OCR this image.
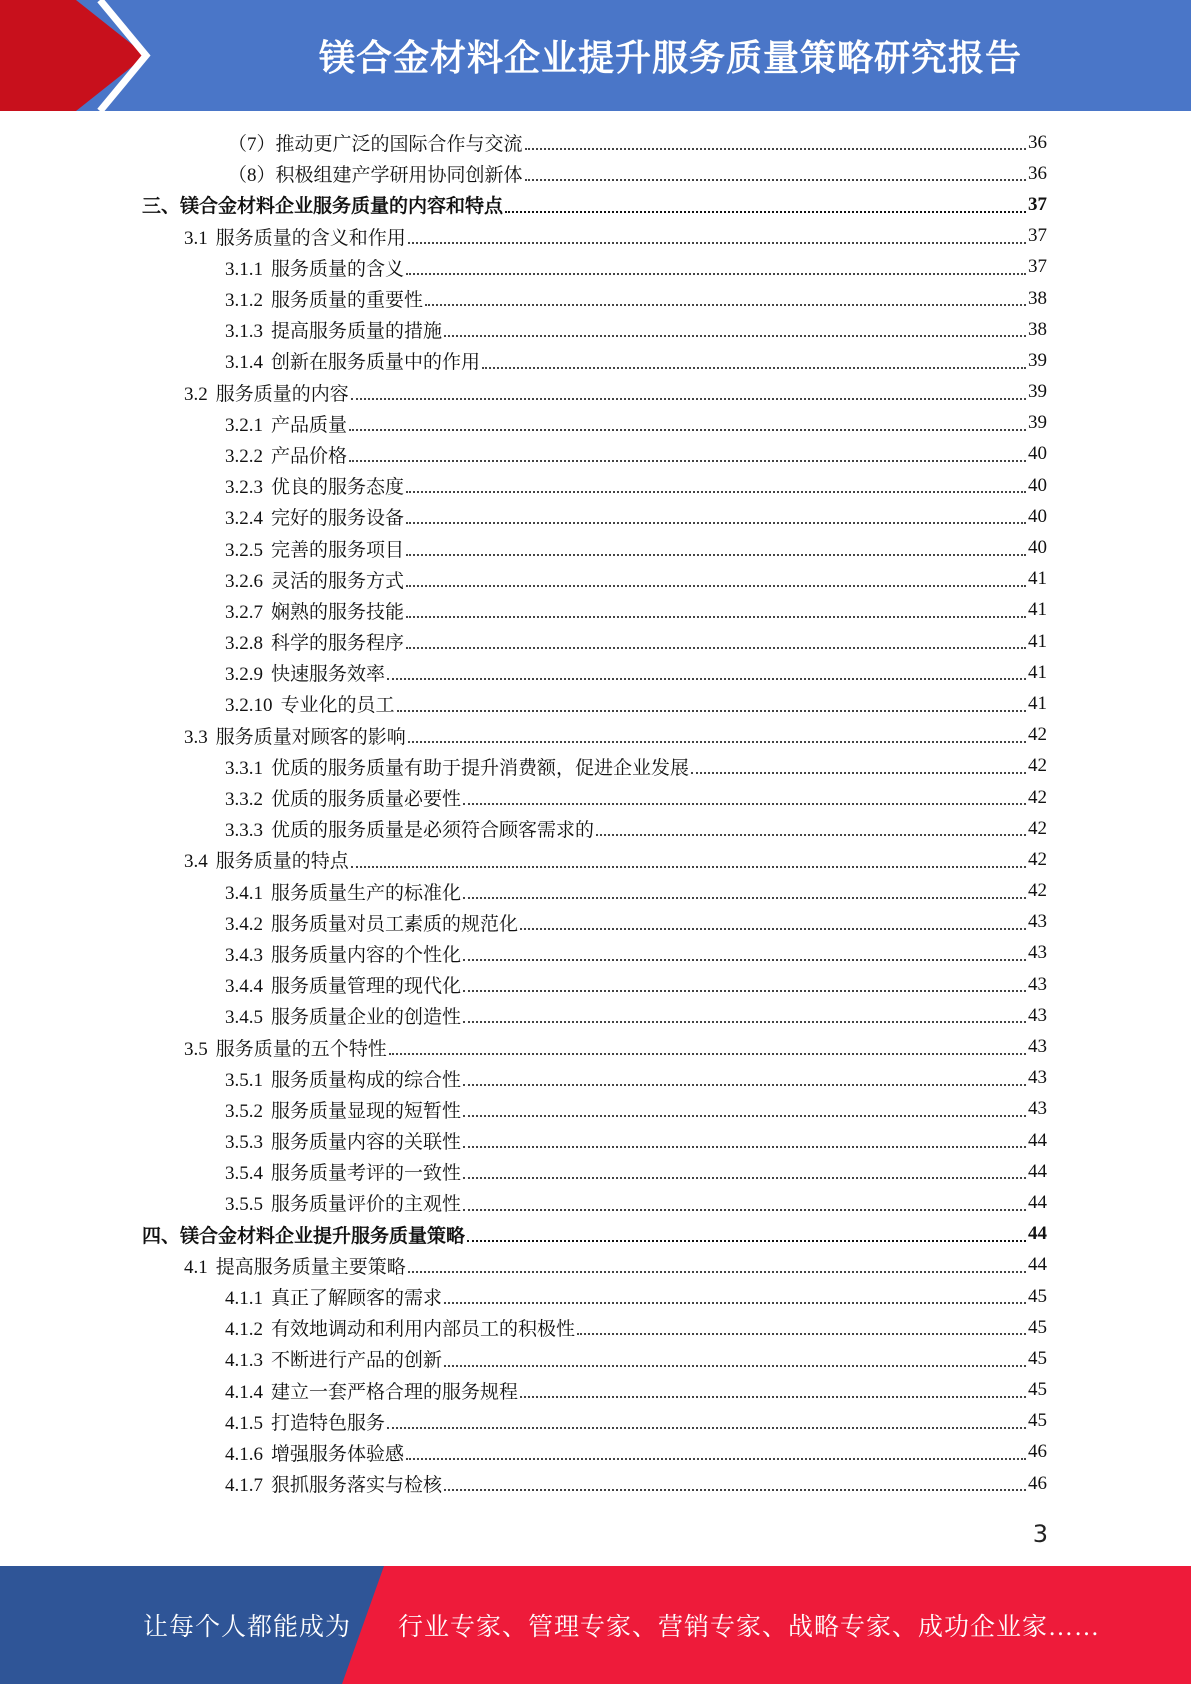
镁合金材料企业提升服务质量策略研究报告
（7）推动更广泛的国际合作与交流	36
（8）积极组建产学研用协同创新体	36
三、镁合金材料企业服务质量的内容和特点	37
3.1 服务质量的含义和作用	37
3.1.1 服务质量的含义	37
3.1.2 服务质量的重要性	38
3.1.3 提高服务质量的措施	38
3.1.4 创新在服务质量中的作用	39
3.2 服务质量的内容	39
3.2.1 产品质量	39
3.2.2 产品价格	40
3.2.3 优良的服务态度	40
3.2.4 完好的服务设备	40
3.2.5 完善的服务项目	40
3.2.6 灵活的服务方式	41
3.2.7 娴熟的服务技能	41
3.2.8 科学的服务程序	41
3.2.9 快速服务效率	41
3.2.10 专业化的员工	41
3.3 服务质量对顾客的影响	42
3.3.1 优质的服务质量有助于提升消费额，促进企业发展	42
3.3.2 优质的服务质量必要性	42
3.3.3 优质的服务质量是必须符合顾客需求的	42
3.4 服务质量的特点	42
3.4.1 服务质量生产的标准化	42
3.4.2 服务质量对员工素质的规范化	43
3.4.3 服务质量内容的个性化	43
3.4.4 服务质量管理的现代化	43
3.4.5 服务质量企业的创造性	43
3.5 服务质量的五个特性	43
3.5.1 服务质量构成的综合性	43
3.5.2 服务质量显现的短暂性	43
3.5.3 服务质量内容的关联性	44
3.5.4 服务质量考评的一致性	44
3.5.5 服务质量评价的主观性	44
四、镁合金材料企业提升服务质量策略	44
4.1 提高服务质量主要策略	44
4.1.1 真正了解顾客的需求	45
4.1.2 有效地调动和利用内部员工的积极性	45
4.1.3 不断进行产品的创新	45
4.1.4 建立一套严格合理的服务规程	45
4.1.5 打造特色服务	45
4.1.6 增强服务体验感	46
4.1.7 狠抓服务落实与检核	46
3
让每个人都能成为 行业专家、管理专家、营销专家、战略专家、成功企业家……
